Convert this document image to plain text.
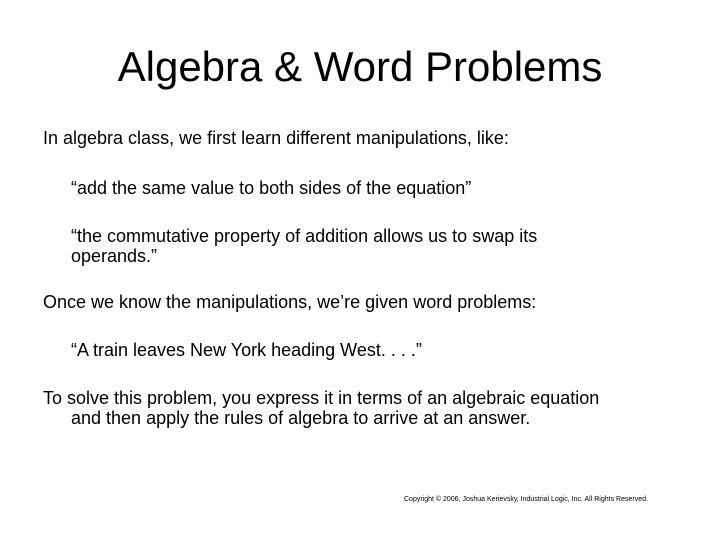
Algebra & Word Problems
In algebra class, we first learn different manipulations, like:
“add the same value to both sides of the equation”
“the commutative property of addition allows us to swap its
operands.”
Once we know the manipulations, we’re given word problems:
“A train leaves New York heading West. . . .”
To solve this problem, you express it in terms of an algebraic equation
and then apply the rules of algebra to arrive at an answer.
Copyright © 2006, Joshua Kerievsky, Industrial Logic, Inc. All Rights Reserved.
